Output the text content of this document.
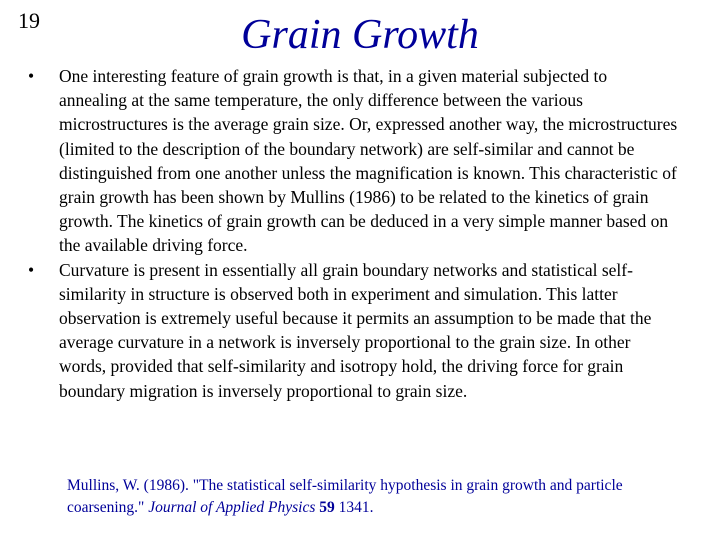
19	Grain Growth
•	One interesting feature of grain growth is that, in a given material subjected to annealing at the same temperature, the only difference between the various microstructures is the average grain size. Or, expressed another way, the microstructures (limited to the description of the boundary network) are self-similar and cannot be distinguished from one another unless the magnification is known. This characteristic of grain growth has been shown by Mullins (1986) to be related to the kinetics of grain growth. The kinetics of grain growth can be deduced in a very simple manner based on the available driving force.
•	Curvature is present in essentially all grain boundary networks and statistical self-similarity in structure is observed both in experiment and simulation. This latter observation is extremely useful because it permits an assumption to be made that the average curvature in a network is inversely proportional to the grain size. In other words, provided that self-similarity and isotropy hold, the driving force for grain boundary migration is inversely proportional to grain size.
Mullins, W. (1986). "The statistical self-similarity hypothesis in grain growth and particle coarsening." Journal of Applied Physics 59 1341.
